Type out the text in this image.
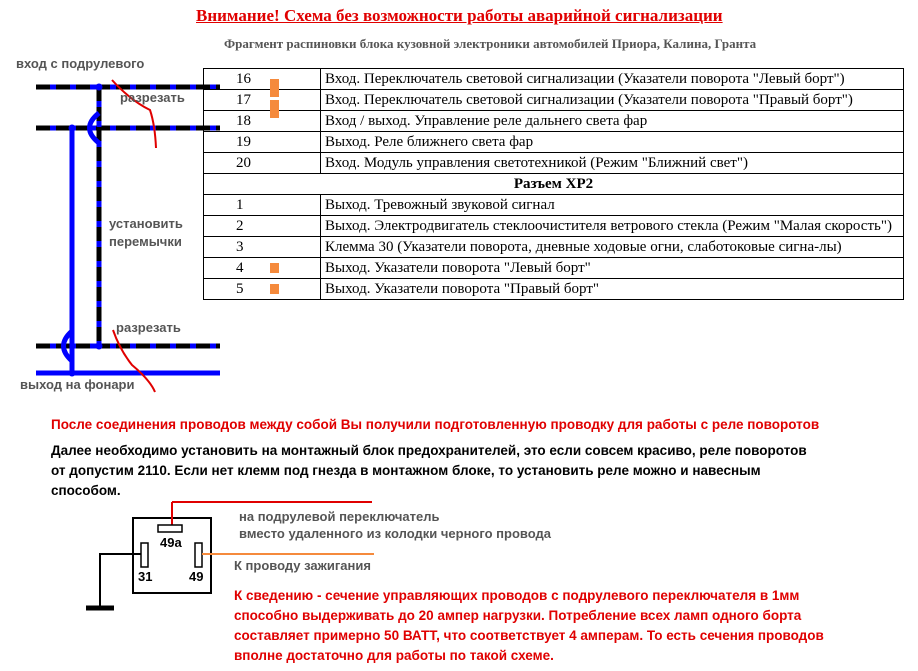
Внимание! Схема без возможности работы аварийной сигнализации
Фрагмент распиновки блока кузовной электроники автомобилей Приора, Калина, Гранта
вход с подрулевого
разрезать
установить
перемычки
разрезать
выход на фонари
16	Вход. Переключатель световой сигнализации (Указатели поворота "Левый борт")
17	Вход. Переключатель световой сигнализации (Указатели поворота "Правый борт")
18	Вход / выход. Управление реле дальнего света фар
19	Выход. Реле ближнего света фар
20	Вход. Модуль управления светотехникой (Режим "Ближний свет")
Разъем ХР2	
1	Выход. Тревожный звуковой сигнал
2	Выход. Электродвигатель стеклоочистителя ветрового стекла (Режим "Малая скорость")
3	Клемма 30 (Указатели поворота, дневные ходовые огни, слаботоковые сигна-лы)
4	Выход. Указатели поворота "Левый борт"
5	Выход. Указатели поворота "Правый борт"
После соединения проводов между собой Вы получили подготовленную проводку для работы с реле поворотов
Далее необходимо установить на монтажный блок предохранителей, это если совсем красиво, реле поворотов
от допустим 2110. Если нет клемм под гнезда в монтажном блоке, то установить реле можно и навесным
способом.
49а
31	49
на подрулевой переключатель
вместо удаленного из колодки черного провода
К проводу зажигания
К сведению - сечение управляющих проводов с подрулевого переключателя в 1мм
способно выдерживать до 20 ампер нагрузки. Потребление всех ламп одного борта
составляет примерно 50 ВАТТ, что соответствует 4 амперам. То есть сечения проводов
вполне достаточно для работы по такой схеме.
